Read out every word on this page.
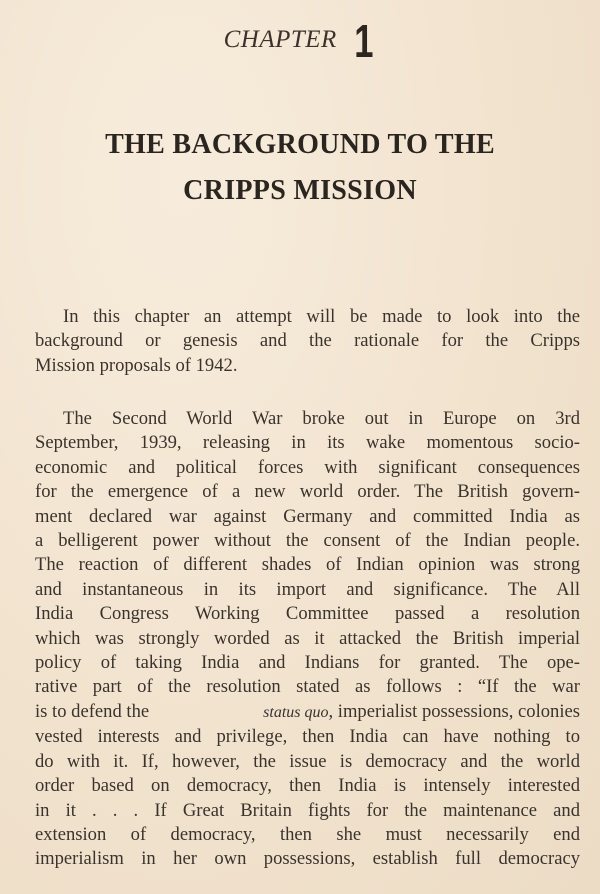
CHAPTER 1
THE BACKGROUND TO THE
CRIPPS MISSION
In this chapter an attempt will be made to look into the
background or genesis and the rationale for the Cripps
Mission proposals of 1942.
The Second World War broke out in Europe on 3rd
September, 1939, releasing in its wake momentous socio-
economic and political forces with significant consequences
for the emergence of a new world order. The British govern-
ment declared war against Germany and committed India as
a belligerent power without the consent of the Indian people.
The reaction of different shades of Indian opinion was strong
and instantaneous in its import and significance. The All
India Congress Working Committee passed a resolution
which was strongly worded as it attacked the British imperial
policy of taking India and Indians for granted. The ope-
rative part of the resolution stated as follows : “If the war
is to defend the	status quo, imperialist possessions, colonies
vested interests and privilege, then India can have nothing to
do with it. If, however, the issue is democracy and the world
order based on democracy, then India is intensely interested
in it . . . If Great Britain fights for the maintenance and
extension of democracy, then she must necessarily end
imperialism in her own possessions, establish full democracy
